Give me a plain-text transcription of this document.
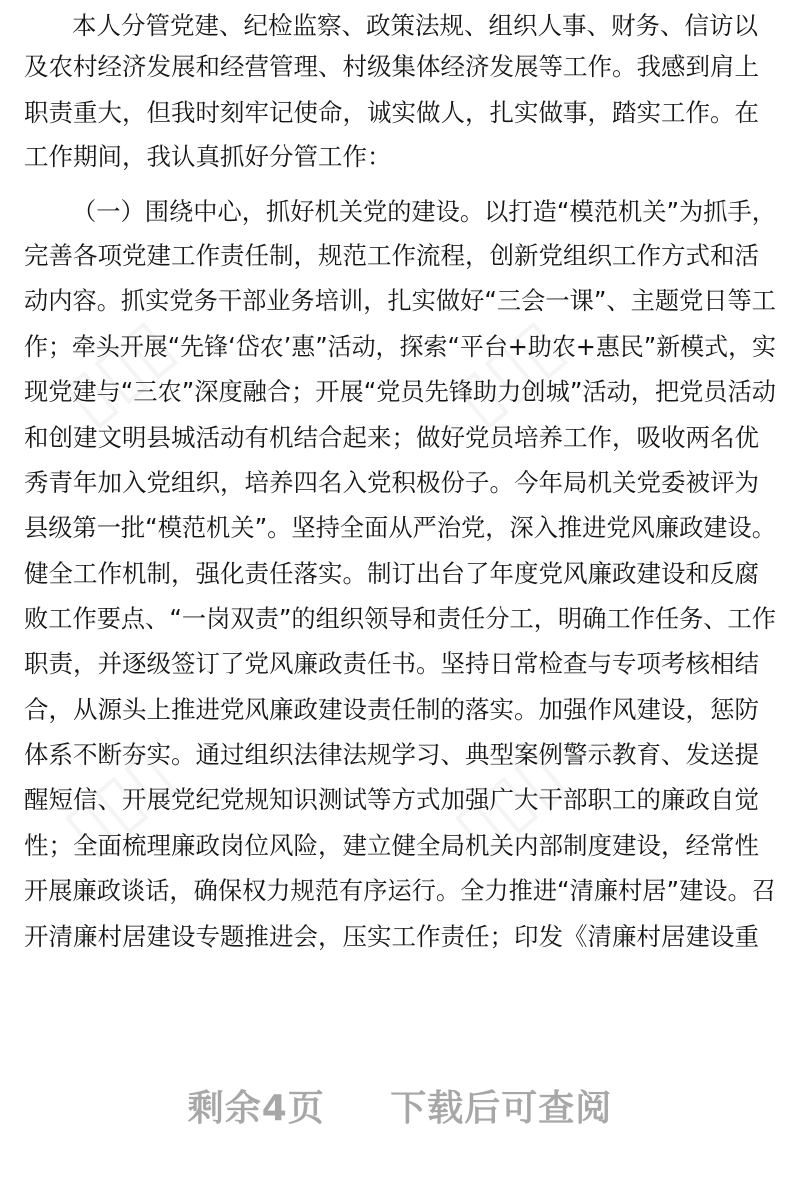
本人分管党建、纪检监察、政策法规、组织人事、财务、信访以
及农村经济发展和经营管理、村级集体经济发展等工作。我感到肩上
职责重大，但我时刻牢记使命，诚实做人，扎实做事，踏实工作。在
工作期间，我认真抓好分管工作：
（一）围绕中心，抓好机关党的建设。以打造“模范机关”为抓手，
完善各项党建工作责任制，规范工作流程，创新党组织工作方式和活
动内容。抓实党务干部业务培训，扎实做好“三会一课”、主题党日等工
作；牵头开展“先锋‘岱农’惠”活动，探索“平台+助农+惠民”新模式，实
现党建与“三农”深度融合；开展“党员先锋助力创城”活动，把党员活动
和创建文明县城活动有机结合起来；做好党员培养工作，吸收两名优
秀青年加入党组织，培养四名入党积极份子。今年局机关党委被评为
县级第一批“模范机关”。坚持全面从严治党，深入推进党风廉政建设。
健全工作机制，强化责任落实。制订出台了年度党风廉政建设和反腐
败工作要点、“一岗双责”的组织领导和责任分工，明确工作任务、工作
职责，并逐级签订了党风廉政责任书。坚持日常检查与专项考核相结
合，从源头上推进党风廉政建设责任制的落实。加强作风建设，惩防
体系不断夯实。通过组织法律法规学习、典型案例警示教育、发送提
醒短信、开展党纪党规知识测试等方式加强广大干部职工的廉政自觉
性；全面梳理廉政岗位风险，建立健全局机关内部制度建设，经常性
开展廉政谈话，确保权力规范有序运行。全力推进“清廉村居”建设。召
开清廉村居建设专题推进会，压实工作责任；印发《清廉村居建设重
剩余4页 下载后可查阅
